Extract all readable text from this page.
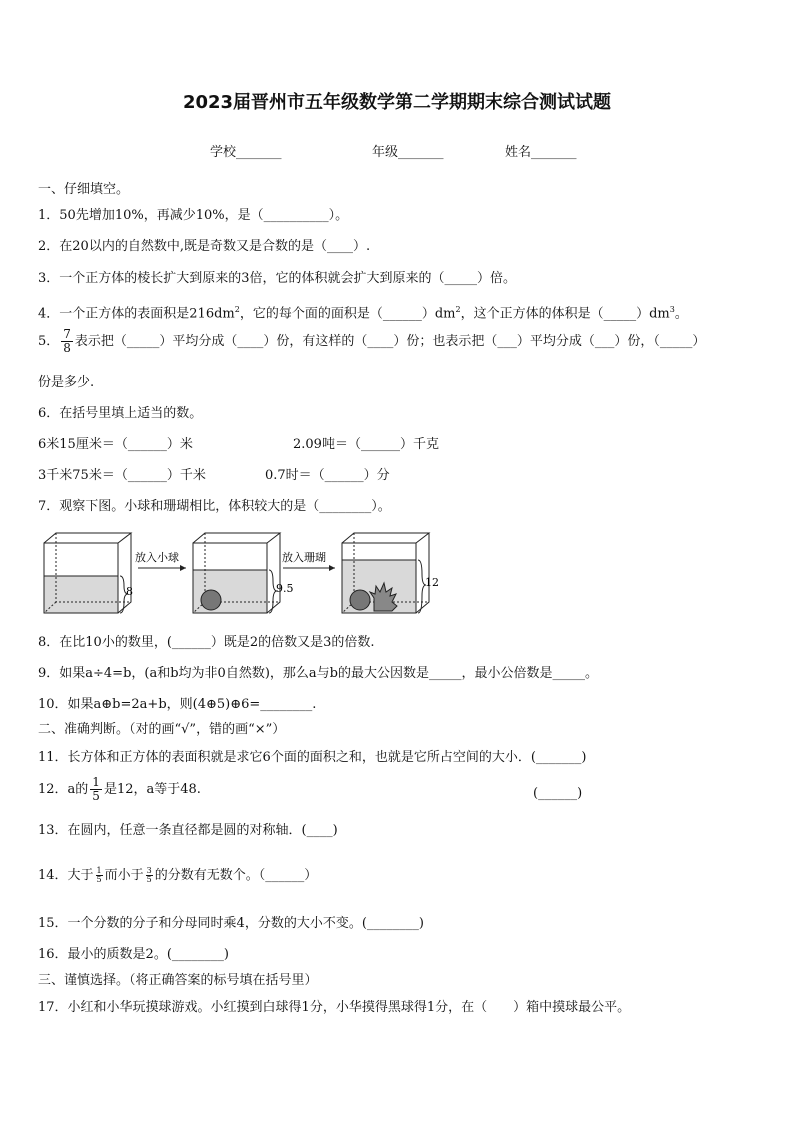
2023届晋州市五年级数学第二学期期末综合测试试题
学校_______	年级_______	姓名_______
一、仔细填空。
1．50先增加10%，再减少10%，是（__________）。
2．在20以内的自然数中,既是奇数又是合数的是（____）.
3．一个正方体的棱长扩大到原来的3倍，它的体积就会扩大到原来的（_____）倍。
4．一个正方体的表面积是$216dm^2$，它的每个面的面积是$(\_\_\_\_\_\_)dm^2$，这个正方体的体积是$(\_\_\_\_\_)dm^3$。
5． $\frac{7}{8}$ 表示把（_____）平均分成（____）份，有这样的（____）份；也表示把（___）平均分成（___）份，（_____）
份是多少.
6．在括号里填上适当的数。
6米15厘米＝（______）米	2.09吨＝（______）千克
3千米75米＝（______）千米	0.7时＝（______）分
7．观察下图。小球和珊瑚相比，体积较大的是（________）。
8
放入小球
9.5
放入珊瑚
12
8．在比10小的数里，(______）既是2的倍数又是3的倍数.
9．如果a÷4=b，(a和b均为非0自然数)，那么a与b的最大公因数是_____，最小公倍数是_____。
10．如果a⊕b=2a+b，则(4⊕5)⊕6=________.
二、准确判断。（对的画“√”，错的画“×”）
11．长方体和正方体的表面积就是求它6个面的面积之和，也就是它所占空间的大小．(_______)
12．a的 $\frac{1}{5}$ 是12，a等于48.	(______)
13．在圆内，任意一条直径都是圆的对称轴．(____)
14．大于 $\frac{1}{5}$ 而小于 $\frac{3}{5}$ 的分数有无数个。（______）
15．一个分数的分子和分母同时乘4，分数的大小不变。(________)
16．最小的质数是2。(________)
三、谨慎选择。（将正确答案的标号填在括号里）
17．小红和小华玩摸球游戏。小红摸到白球得1分，小华摸得黑球得1分，在（　　）箱中摸球最公平。
